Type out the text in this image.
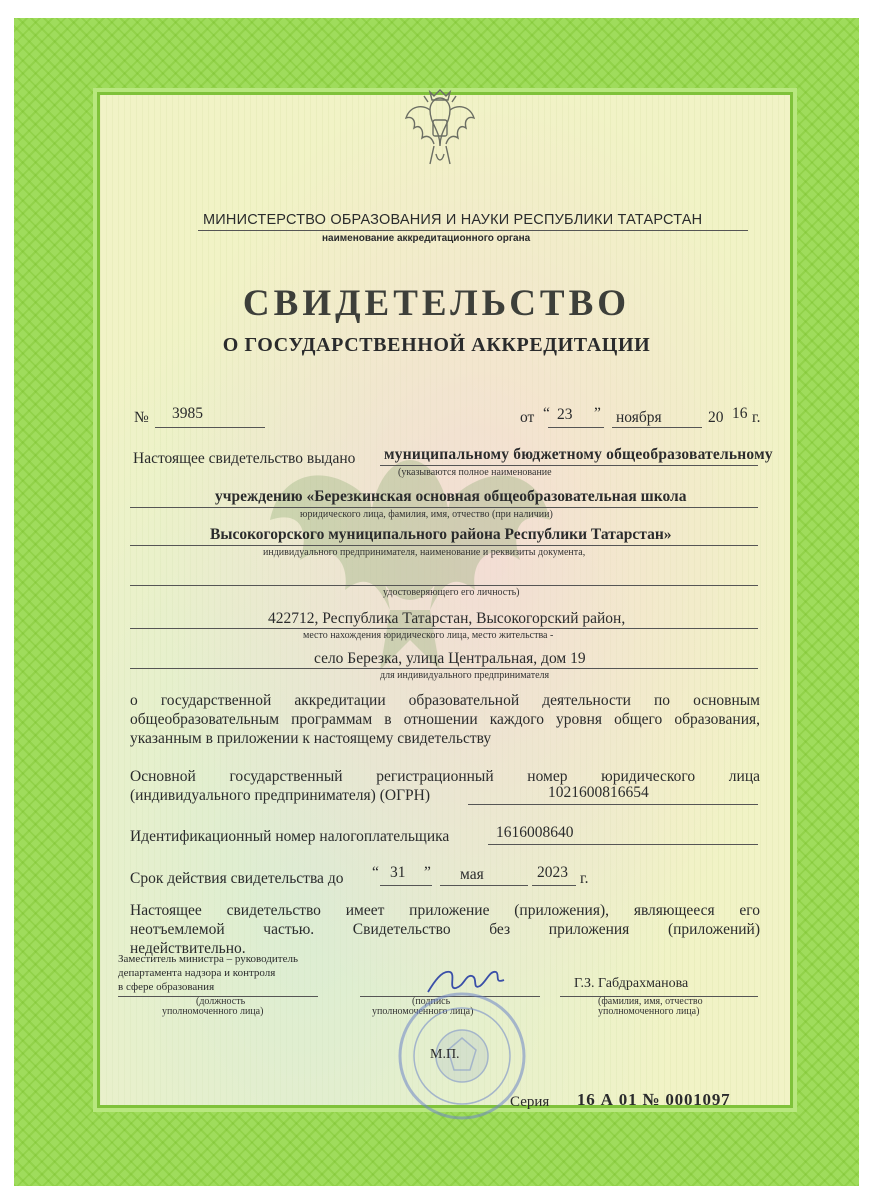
МИНИСТЕРСТВО ОБРАЗОВАНИЯ И НАУКИ РЕСПУБЛИКИ ТАТАРСТАН
наименование аккредитационного органа
СВИДЕТЕЛЬСТВО
О ГОСУДАРСТВЕННОЙ АККРЕДИТАЦИИ
№ 3985	от “ 23 ” ноября	20 16 г.
Настоящее свидетельство выдано муниципальному бюджетному общеобразовательному
(указываются полное наименование
учреждению «Березкинская основная общеобразовательная школа
юридического лица, фамилия, имя, отчество (при наличии)
Высокогорского муниципального района Республики Татарстан»
индивидуального предпринимателя, наименование и реквизиты документа,
удостоверяющего его личность)
422712, Республика Татарстан, Высокогорский район,
место нахождения юридического лица, место жительства -
село Березка, улица Центральная, дом 19
для индивидуального предпринимателя
о государственной аккредитации образовательной деятельности по основным
общеобразовательным программам в отношении каждого уровня общего образования,
указанным в приложении к настоящему свидетельству
Основной государственный регистрационный номер юридического лица
(индивидуального предпринимателя) (ОГРН)	1021600816654
Идентификационный номер налогоплательщика	1616008640
Срок действия свидетельства до “ 31 ” мая	2023 г.
Настоящее свидетельство имеет приложение (приложения), являющееся его
неотъемлемой частью. Свидетельство без приложения (приложений)
недействительно.
Заместитель министра – руководитель
департамента надзора и контроля
в сфере образования
(должность
уполномоченного лица)
(подпись
уполномоченного лица)
Г.З. Габдрахманова
(фамилия, имя, отчество
уполномоченного лица)
М.П.
Серия 16 А 01 № 0001097
